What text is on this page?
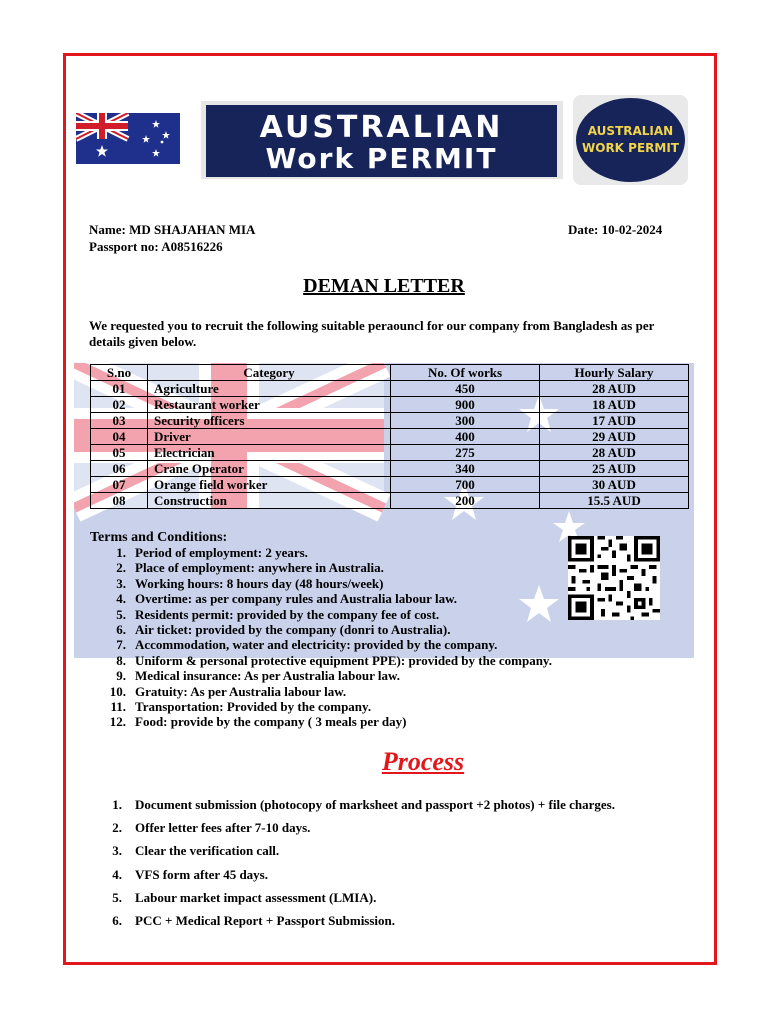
AUSTRALIAN
Work PERMIT
AUSTRALIAN
WORK PERMIT
Name: MD SHAJAHAN MIA
Passport no: A08516226
Date: 10-02-2024
DEMAN LETTER
We requested you to recruit the following suitable peraouncl for our company from Bangladesh as per details given below.
S.no	Category	No. Of works	Hourly Salary
01	Agriculture	450	28 AUD
02	Restaurant worker	900	18 AUD
03	Security officers	300	17 AUD
04	Driver	400	29 AUD
05	Electrician	275	28 AUD
06	Crane Operator	340	25 AUD
07	Orange field worker	700	30 AUD
08	Construction	200	15.5 AUD
Terms and Conditions:
1. Period of employment: 2 years.
2. Place of employment: anywhere in Australia.
3. Working hours: 8 hours day (48 hours/week)
4. Overtime: as per company rules and Australia labour law.
5. Residents permit: provided by the company fee of cost.
6. Air ticket: provided by the company (donri to Australia).
7. Accommodation, water and electricity: provided by the company.
8. Uniform & personal protective equipment PPE): provided by the company.
9. Medical insurance: As per Australia labour law.
10. Gratuity: As per Australia labour law.
11. Transportation: Provided by the company.
12. Food: provide by the company ( 3 meals per day)
Process
1. Document submission (photocopy of marksheet and passport +2 photos) + file charges.
2. Offer letter fees after 7-10 days.
3. Clear the verification call.
4. VFS form after 45 days.
5. Labour market impact assessment (LMIA).
6. PCC + Medical Report + Passport Submission.
